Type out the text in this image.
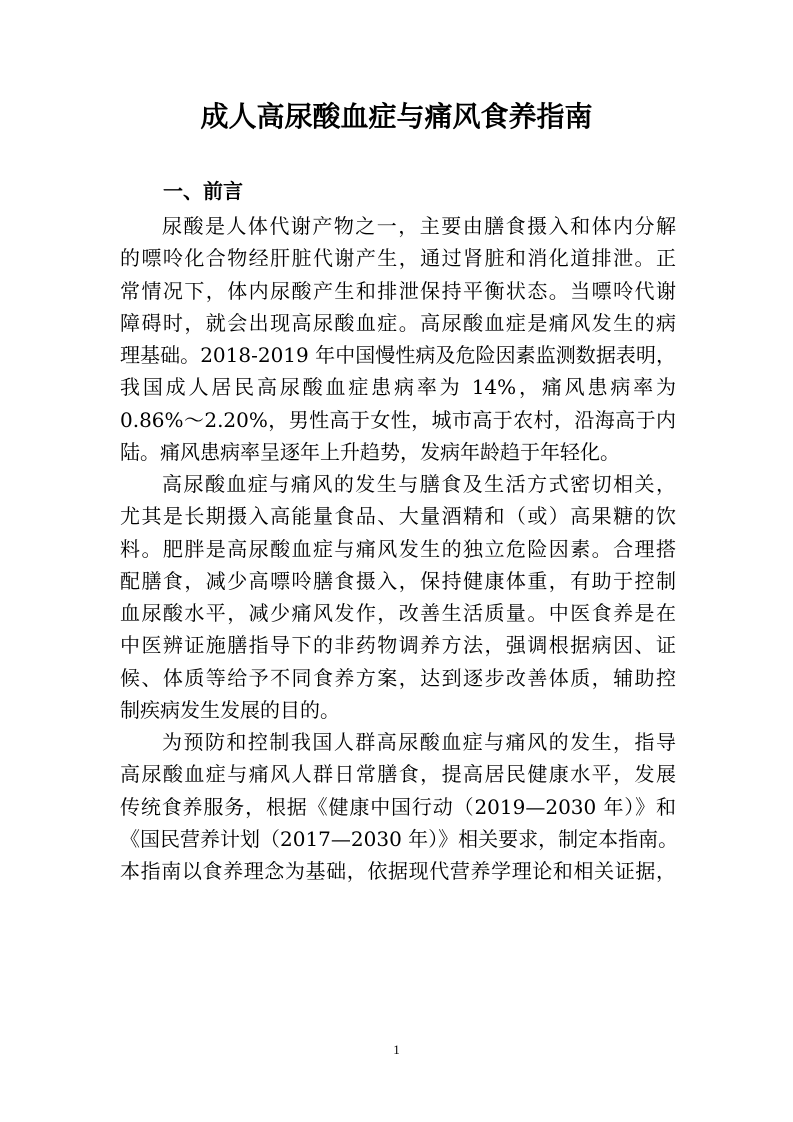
成人高尿酸血症与痛风食养指南
一、前言
尿酸是人体代谢产物之一，主要由膳食摄入和体内分解
的嘌呤化合物经肝脏代谢产生，通过肾脏和消化道排泄。正
常情况下，体内尿酸产生和排泄保持平衡状态。当嘌呤代谢
障碍时，就会出现高尿酸血症。高尿酸血症是痛风发生的病
理基础。2018-2019 年中国慢性病及危险因素监测数据表明，
我国成人居民高尿酸血症患病率为 14%，痛风患病率为
0.86%～2.20%，男性高于女性，城市高于农村，沿海高于内
陆。痛风患病率呈逐年上升趋势，发病年龄趋于年轻化。
高尿酸血症与痛风的发生与膳食及生活方式密切相关，
尤其是长期摄入高能量食品、大量酒精和（或）高果糖的饮
料。肥胖是高尿酸血症与痛风发生的独立危险因素。合理搭
配膳食，减少高嘌呤膳食摄入，保持健康体重，有助于控制
血尿酸水平，减少痛风发作，改善生活质量。中医食养是在
中医辨证施膳指导下的非药物调养方法，强调根据病因、证
候、体质等给予不同食养方案，达到逐步改善体质，辅助控
制疾病发生发展的目的。
为预防和控制我国人群高尿酸血症与痛风的发生，指导
高尿酸血症与痛风人群日常膳食，提高居民健康水平，发展
传统食养服务，根据《健康中国行动（2019—2030 年）》和
《国民营养计划（2017—2030 年）》相关要求，制定本指南。
本指南以食养理念为基础，依据现代营养学理论和相关证据，
1
